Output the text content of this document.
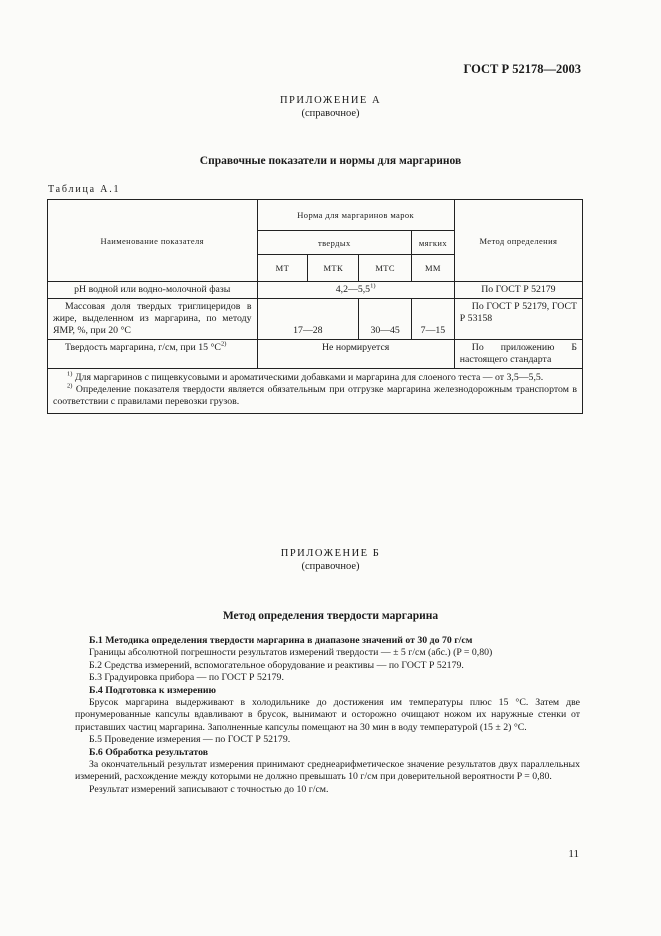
ГОСТ Р 52178—2003
ПРИЛОЖЕНИЕ А
(справочное)
Справочные показатели и нормы для маргаринов
Таблица А.1
Наименование показателя	Норма для маргаринов марок				Метод определения
	твердых			мягких	
	МТ	МТК	МТС	ММ	
pH водной или водно-молочной фазы	4,2—5,5$^{1)}$				По ГОСТ Р 52179
Массовая доля твердых триглицеридов в жире, выделенном из маргарина, по методу ЯМР, %, при 20 °С	17—28		30—45	7—15	По ГОСТ Р 52179, ГОСТ Р 53158
Твердость маргарина, г/см, при 15 $^\circ С^{2)}$	Не нормируется				По приложению Б настоящего стандарта

$^{1)}$ Для маргаринов с пищевкусовыми и ароматическими добавками и маргарина для слоеного теста — от 3,5—5,5.

$^{2)}$ Определение показателя твердости является обязательным при отгрузке маргарина железнодорожным транспортом в соответствии с правилами перевозки грузов.					

ПРИЛОЖЕНИЕ Б
(справочное)
Метод определения твердости маргарина

Б.1 Методика определения твердости маргарина в диапазоне значений от 30 до 70 г/см

Границы абсолютной погрешности результатов измерений твердости — ± 5 г/см (абс.) (P = 0,80)

Б.2 Средства измерений, вспомогательное оборудование и реактивы — по ГОСТ Р 52179.

Б.3 Градуировка прибора — по ГОСТ Р 52179.

Б.4 Подготовка к измерению

Брусок маргарина выдерживают в холодильнике до достижения им температуры плюс 15 °С. Затем две пронумерованные капсулы вдавливают в брусок, вынимают и осторожно очищают ножом их наружные стенки от приставших частиц маргарина. Заполненные капсулы помещают на 30 мин в воду температурой (15 ± 2) °С.

Б.5 Проведение измерения — по ГОСТ Р 52179.

Б.6 Обработка результатов

За окончательный результат измерения принимают среднеарифметическое значение результатов двух параллельных измерений, расхождение между которыми не должно превышать 10 г/см при доверительной вероятности P = 0,80.

Результат измерений записывают с точностью до 10 г/см.

11
